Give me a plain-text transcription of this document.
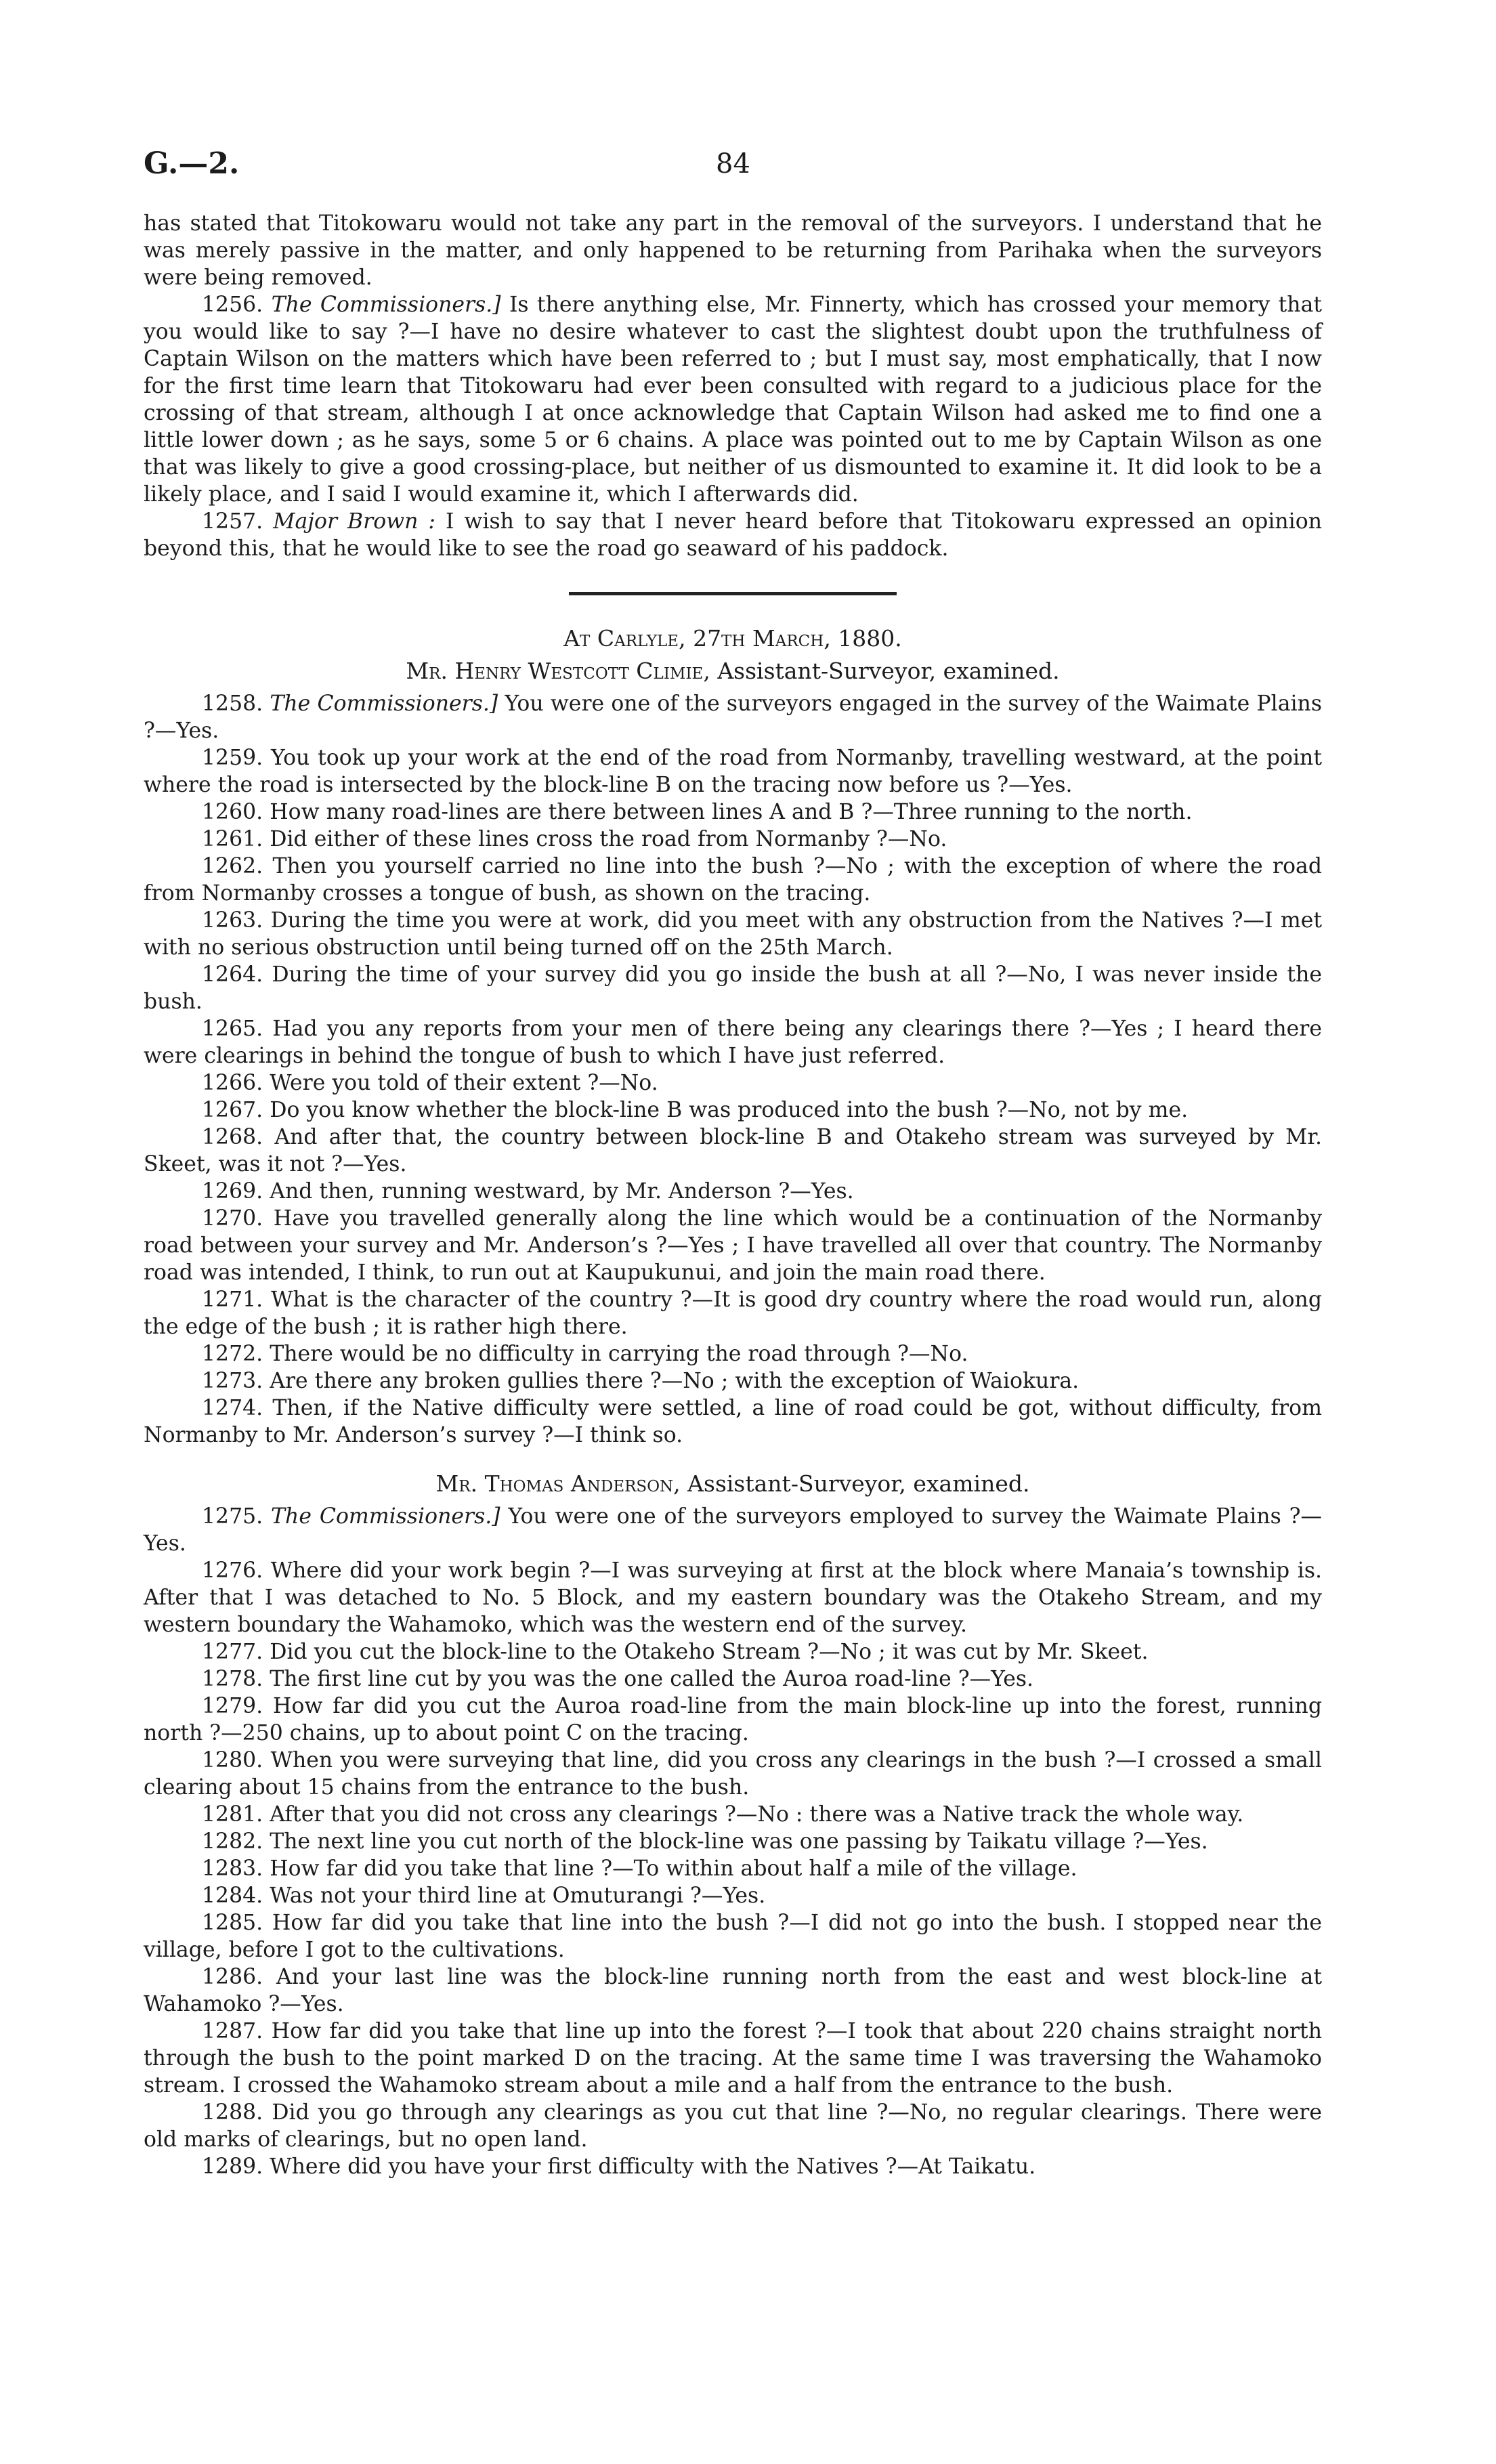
G.—2.	84

has stated that Titokowaru would not take any part in the removal of the surveyors. I understand that he was merely passive in the matter, and only happened to be returning from Parihaka when the surveyors were being removed.

1256. The Commissioners.] Is there anything else, Mr. Finnerty, which has crossed your memory that you would like to say ?—I have no desire whatever to cast the slightest doubt upon the truthfulness of Captain Wilson on the matters which have been referred to ; but I must say, most emphatically, that I now for the first time learn that Titokowaru had ever been consulted with regard to a judicious place for the crossing of that stream, although I at once acknowledge that Captain Wilson had asked me to find one a little lower down ; as he says, some 5 or 6 chains. A place was pointed out to me by Captain Wilson as one that was likely to give a good crossing-place, but neither of us dismounted to examine it. It did look to be a likely place, and I said I would examine it, which I afterwards did.

1257. Major Brown : I wish to say that I never heard before that Titokowaru expressed an opinion beyond this, that he would like to see the road go seaward of his paddock.

At Carlyle, 27th March, 1880.

Mr. Henry Westcott Climie, Assistant-Surveyor, examined.

1258. The Commissioners.] You were one of the surveyors engaged in the survey of the Waimate Plains ?—Yes.

1259. You took up your work at the end of the road from Normanby, travelling westward, at the point where the road is intersected by the block-line B on the tracing now before us ?—Yes.

1260. How many road-lines are there between lines A and B ?—Three running to the north.

1261. Did either of these lines cross the road from Normanby ?—No.

1262. Then you yourself carried no line into the bush ?—No ; with the exception of where the road from Normanby crosses a tongue of bush, as shown on the tracing.

1263. During the time you were at work, did you meet with any obstruction from the Natives ?—I met with no serious obstruction until being turned off on the 25th March.

1264. During the time of your survey did you go inside the bush at all ?—No, I was never inside the bush.

1265. Had you any reports from your men of there being any clearings there ?—Yes ; I heard there were clearings in behind the tongue of bush to which I have just referred.

1266. Were you told of their extent ?—No.

1267. Do you know whether the block-line B was produced into the bush ?—No, not by me.

1268. And after that, the country between block-line B and Otakeho stream was surveyed by Mr. Skeet, was it not ?—Yes.

1269. And then, running westward, by Mr. Anderson ?—Yes.

1270. Have you travelled generally along the line which would be a continuation of the Normanby road between your survey and Mr. Anderson’s ?—Yes ; I have travelled all over that country. The Normanby road was intended, I think, to run out at Kaupukunui, and join the main road there.

1271. What is the character of the country ?—It is good dry country where the road would run, along the edge of the bush ; it is rather high there.

1272. There would be no difficulty in carrying the road through ?—No.

1273. Are there any broken gullies there ?—No ; with the exception of Waiokura.

1274. Then, if the Native difficulty were settled, a line of road could be got, without difficulty, from Normanby to Mr. Anderson’s survey ?—I think so.

Mr. Thomas Anderson, Assistant-Surveyor, examined.

1275. The Commissioners.] You were one of the surveyors employed to survey the Waimate Plains ?—Yes.

1276. Where did your work begin ?—I was surveying at first at the block where Manaia’s township is. After that I was detached to No. 5 Block, and my eastern boundary was the Otakeho Stream, and my western boundary the Wahamoko, which was the western end of the survey.

1277. Did you cut the block-line to the Otakeho Stream ?—No ; it was cut by Mr. Skeet.

1278. The first line cut by you was the one called the Auroa road-line ?—Yes.

1279. How far did you cut the Auroa road-line from the main block-line up into the forest, running north ?—250 chains, up to about point C on the tracing.

1280. When you were surveying that line, did you cross any clearings in the bush ?—I crossed a small clearing about 15 chains from the entrance to the bush.

1281. After that you did not cross any clearings ?—No : there was a Native track the whole way.

1282. The next line you cut north of the block-line was one passing by Taikatu village ?—Yes.

1283. How far did you take that line ?—To within about half a mile of the village.

1284. Was not your third line at Omuturangi ?—Yes.

1285. How far did you take that line into the bush ?—I did not go into the bush. I stopped near the village, before I got to the cultivations.

1286. And your last line was the block-line running north from the east and west block-line at Wahamoko ?—Yes.

1287. How far did you take that line up into the forest ?—I took that about 220 chains straight north through the bush to the point marked D on the tracing. At the same time I was traversing the Wahamoko stream. I crossed the Wahamoko stream about a mile and a half from the entrance to the bush.

1288. Did you go through any clearings as you cut that line ?—No, no regular clearings. There were old marks of clearings, but no open land.

1289. Where did you have your first difficulty with the Natives ?—At Taikatu.
